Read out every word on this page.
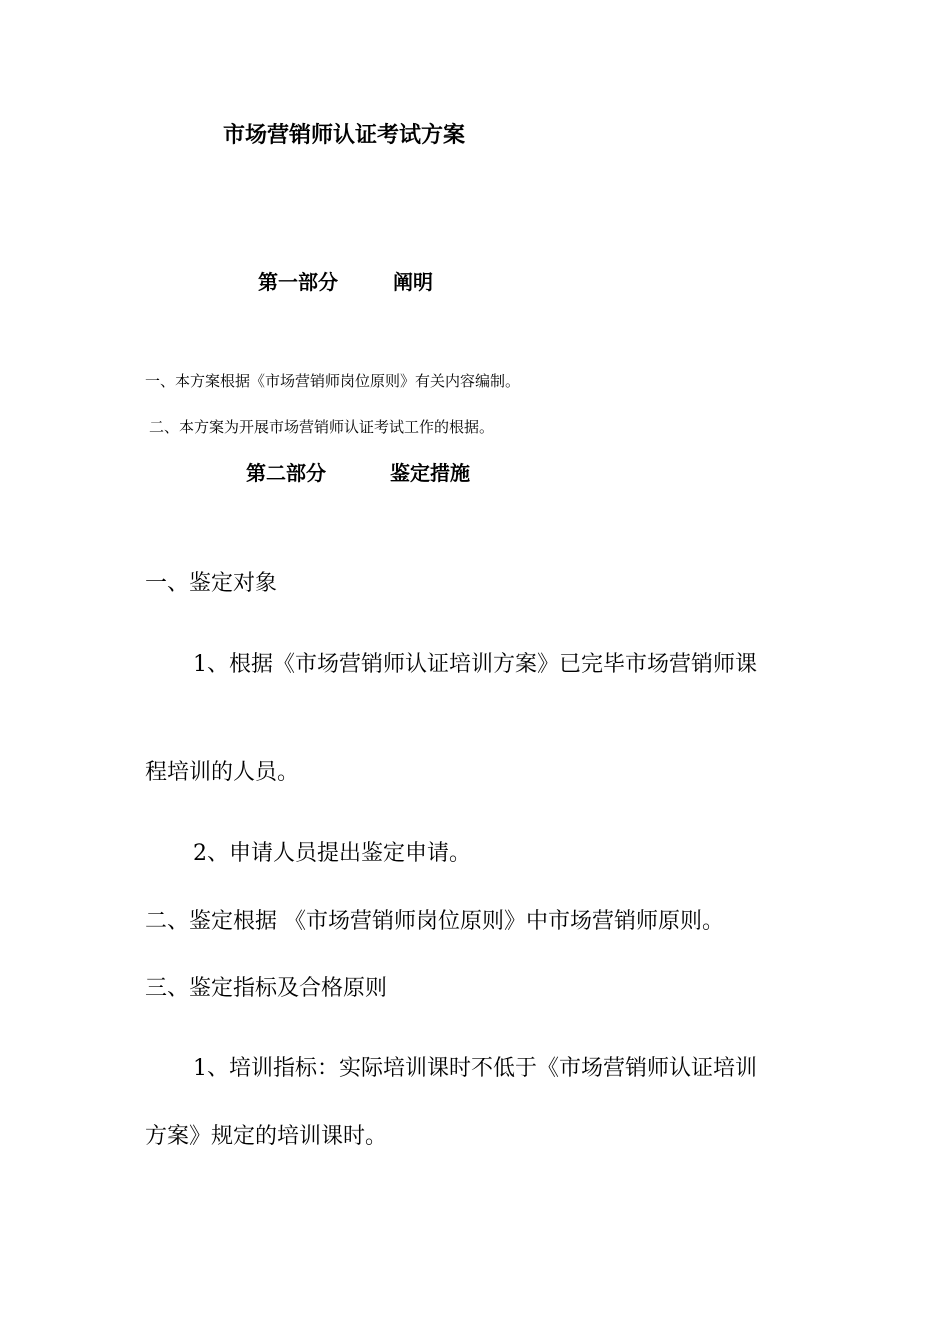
市场营销师认证考试方案
第一部分	阐明
一、本方案根据《市场营销师岗位原则》有关内容编制。
二、本方案为开展市场营销师认证考试工作的根据。
第二部分	鉴定措施
一、鉴定对象
1、根据《市场营销师认证培训方案》已完毕市场营销师课
程培训的人员。
2、申请人员提出鉴定申请。
二、鉴定根据 《市场营销师岗位原则》中市场营销师原则。
三、鉴定指标及合格原则
1、培训指标：实际培训课时不低于《市场营销师认证培训
方案》规定的培训课时。
